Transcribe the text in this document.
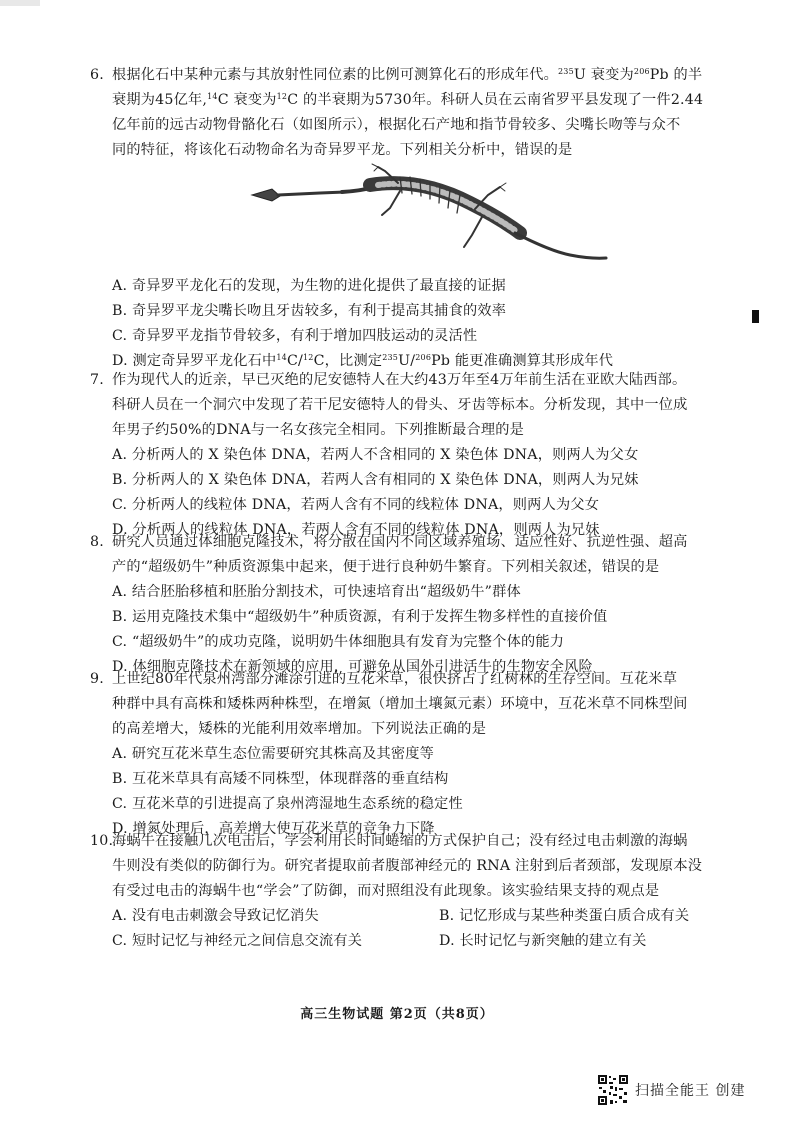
6. 根据化石中某种元素与其放射性同位素的比例可测算化石的形成年代。$^{235}$U 衰变为$^{206}$Pb 的半
衰期为45亿年,$^{14}$C 衰变为$^{12}$C 的半衰期为5730年。科研人员在云南省罗平县发现了一件2.44
亿年前的远古动物骨骼化石（如图所示），根据化石产地和指节骨较多、尖嘴长吻等与众不
同的特征，将该化石动物命名为奇异罗平龙。下列相关分析中，错误的是
A. 奇异罗平龙化石的发现，为生物的进化提供了最直接的证据
B. 奇异罗平龙尖嘴长吻且牙齿较多，有利于提高其捕食的效率
C. 奇异罗平龙指节骨较多，有利于增加四肢运动的灵活性
D. 测定奇异罗平龙化石中$^{14}$C/$^{12}$C，比测定$^{235}$U/$^{206}$Pb 能更准确测算其形成年代
7. 作为现代人的近亲，早已灭绝的尼安德特人在大约43万年至4万年前生活在亚欧大陆西部。
科研人员在一个洞穴中发现了若干尼安德特人的骨头、牙齿等标本。分析发现，其中一位成
年男子约50%的DNA与一名女孩完全相同。下列推断最合理的是
A. 分析两人的 X 染色体 DNA，若两人不含相同的 X 染色体 DNA，则两人为父女
B. 分析两人的 X 染色体 DNA，若两人含有相同的 X 染色体 DNA，则两人为兄妹
C. 分析两人的线粒体 DNA，若两人含有不同的线粒体 DNA，则两人为父女
D. 分析两人的线粒体 DNA，若两人含有不同的线粒体 DNA，则两人为兄妹
8. 研究人员通过体细胞克隆技术，将分散在国内不同区域养殖场、适应性好、抗逆性强、超高
产的“超级奶牛”种质资源集中起来，便于进行良种奶牛繁育。下列相关叙述，错误的是
A. 结合胚胎移植和胚胎分割技术，可快速培育出“超级奶牛”群体
B. 运用克隆技术集中“超级奶牛”种质资源，有利于发挥生物多样性的直接价值
C. “超级奶牛”的成功克隆，说明奶牛体细胞具有发育为完整个体的能力
D. 体细胞克隆技术在新领域的应用，可避免从国外引进活牛的生物安全风险
9. 上世纪80年代泉州湾部分滩涂引进的互花米草，很快挤占了红树林的生存空间。互花米草
种群中具有高株和矮株两种株型，在增氮（增加土壤氮元素）环境中，互花米草不同株型间
的高差增大，矮株的光能利用效率增加。下列说法正确的是
A. 研究互花米草生态位需要研究其株高及其密度等
B. 互花米草具有高矮不同株型，体现群落的垂直结构
C. 互花米草的引进提高了泉州湾湿地生态系统的稳定性
D. 增氮处理后，高差增大使互花米草的竞争力下降
10.海蜗牛在接触几次电击后，学会利用长时间蜷缩的方式保护自己；没有经过电击刺激的海蜗
牛则没有类似的防御行为。研究者提取前者腹部神经元的 RNA 注射到后者颈部，发现原本没
有受过电击的海蜗牛也“学会”了防御，而对照组没有此现象。该实验结果支持的观点是
A. 没有电击刺激会导致记忆消失	B. 记忆形成与某些种类蛋白质合成有关
C. 短时记忆与神经元之间信息交流有关	D. 长时记忆与新突触的建立有关
高三生物试题 第2页（共8页）
扫描全能王 创建
